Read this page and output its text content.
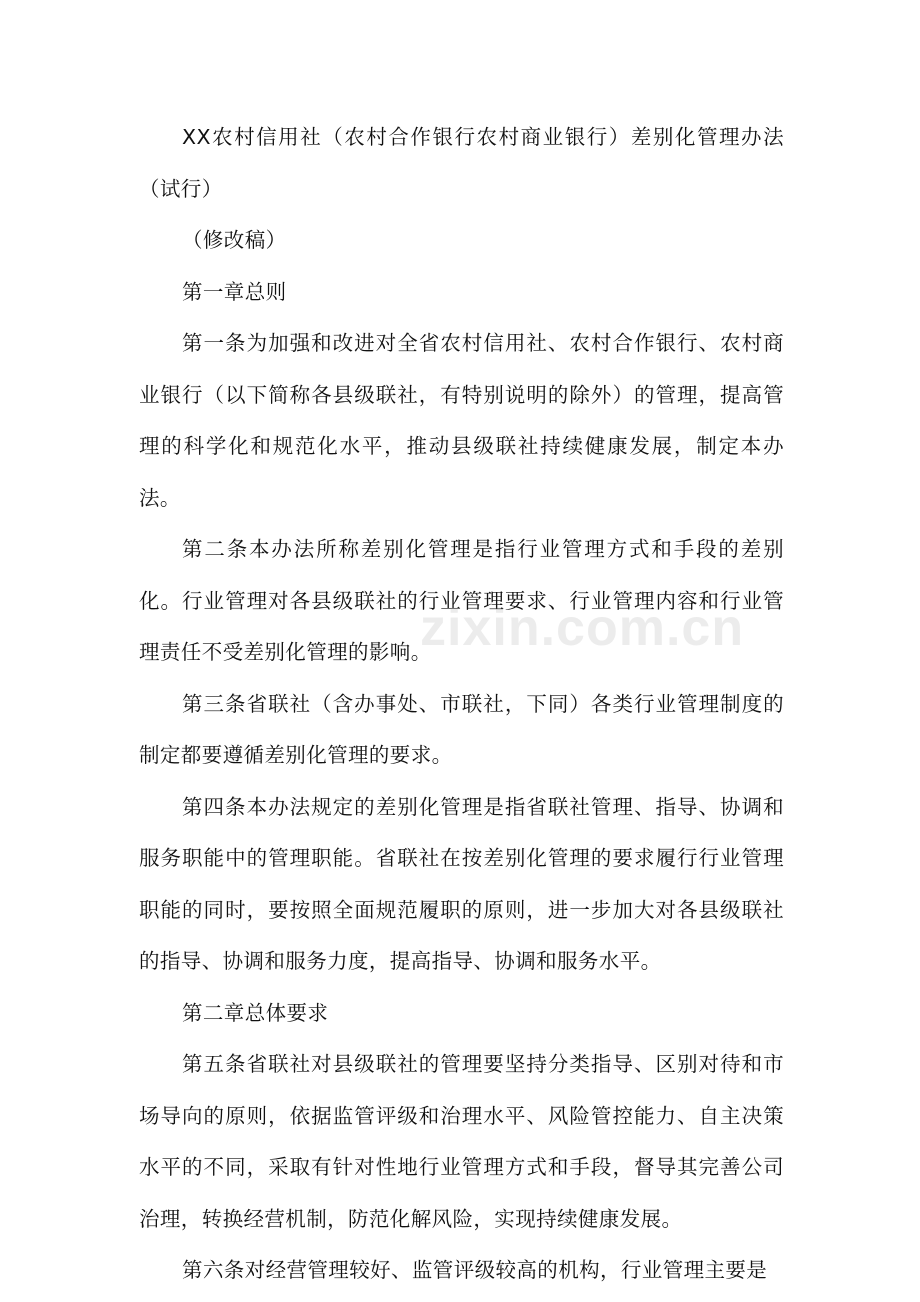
XX农村信用社（农村合作银行农村商业银行）差别化管理办法（试行）

（修改稿）

第一章总则

第一条为加强和改进对全省农村信用社、农村合作银行、农村商业银行（以下简称各县级联社，有特别说明的除外）的管理，提高管理的科学化和规范化水平，推动县级联社持续健康发展，制定本办法。

第二条本办法所称差别化管理是指行业管理方式和手段的差别化。行业管理对各县级联社的行业管理要求、行业管理内容和行业管理责任不受差别化管理的影响。

第三条省联社（含办事处、市联社，下同）各类行业管理制度的制定都要遵循差别化管理的要求。

第四条本办法规定的差别化管理是指省联社管理、指导、协调和服务职能中的管理职能。省联社在按差别化管理的要求履行行业管理职能的同时，要按照全面规范履职的原则，进一步加大对各县级联社的指导、协调和服务力度，提高指导、协调和服务水平。

第二章总体要求

第五条省联社对县级联社的管理要坚持分类指导、区别对待和市场导向的原则，依据监管评级和治理水平、风险管控能力、自主决策水平的不同，采取有针对性地行业管理方式和手段，督导其完善公司治理，转换经营机制，防范化解风险，实现持续健康发展。

第六条对经营管理较好、监管评级较高的机构，行业管理主要是

zixin.com.cn
